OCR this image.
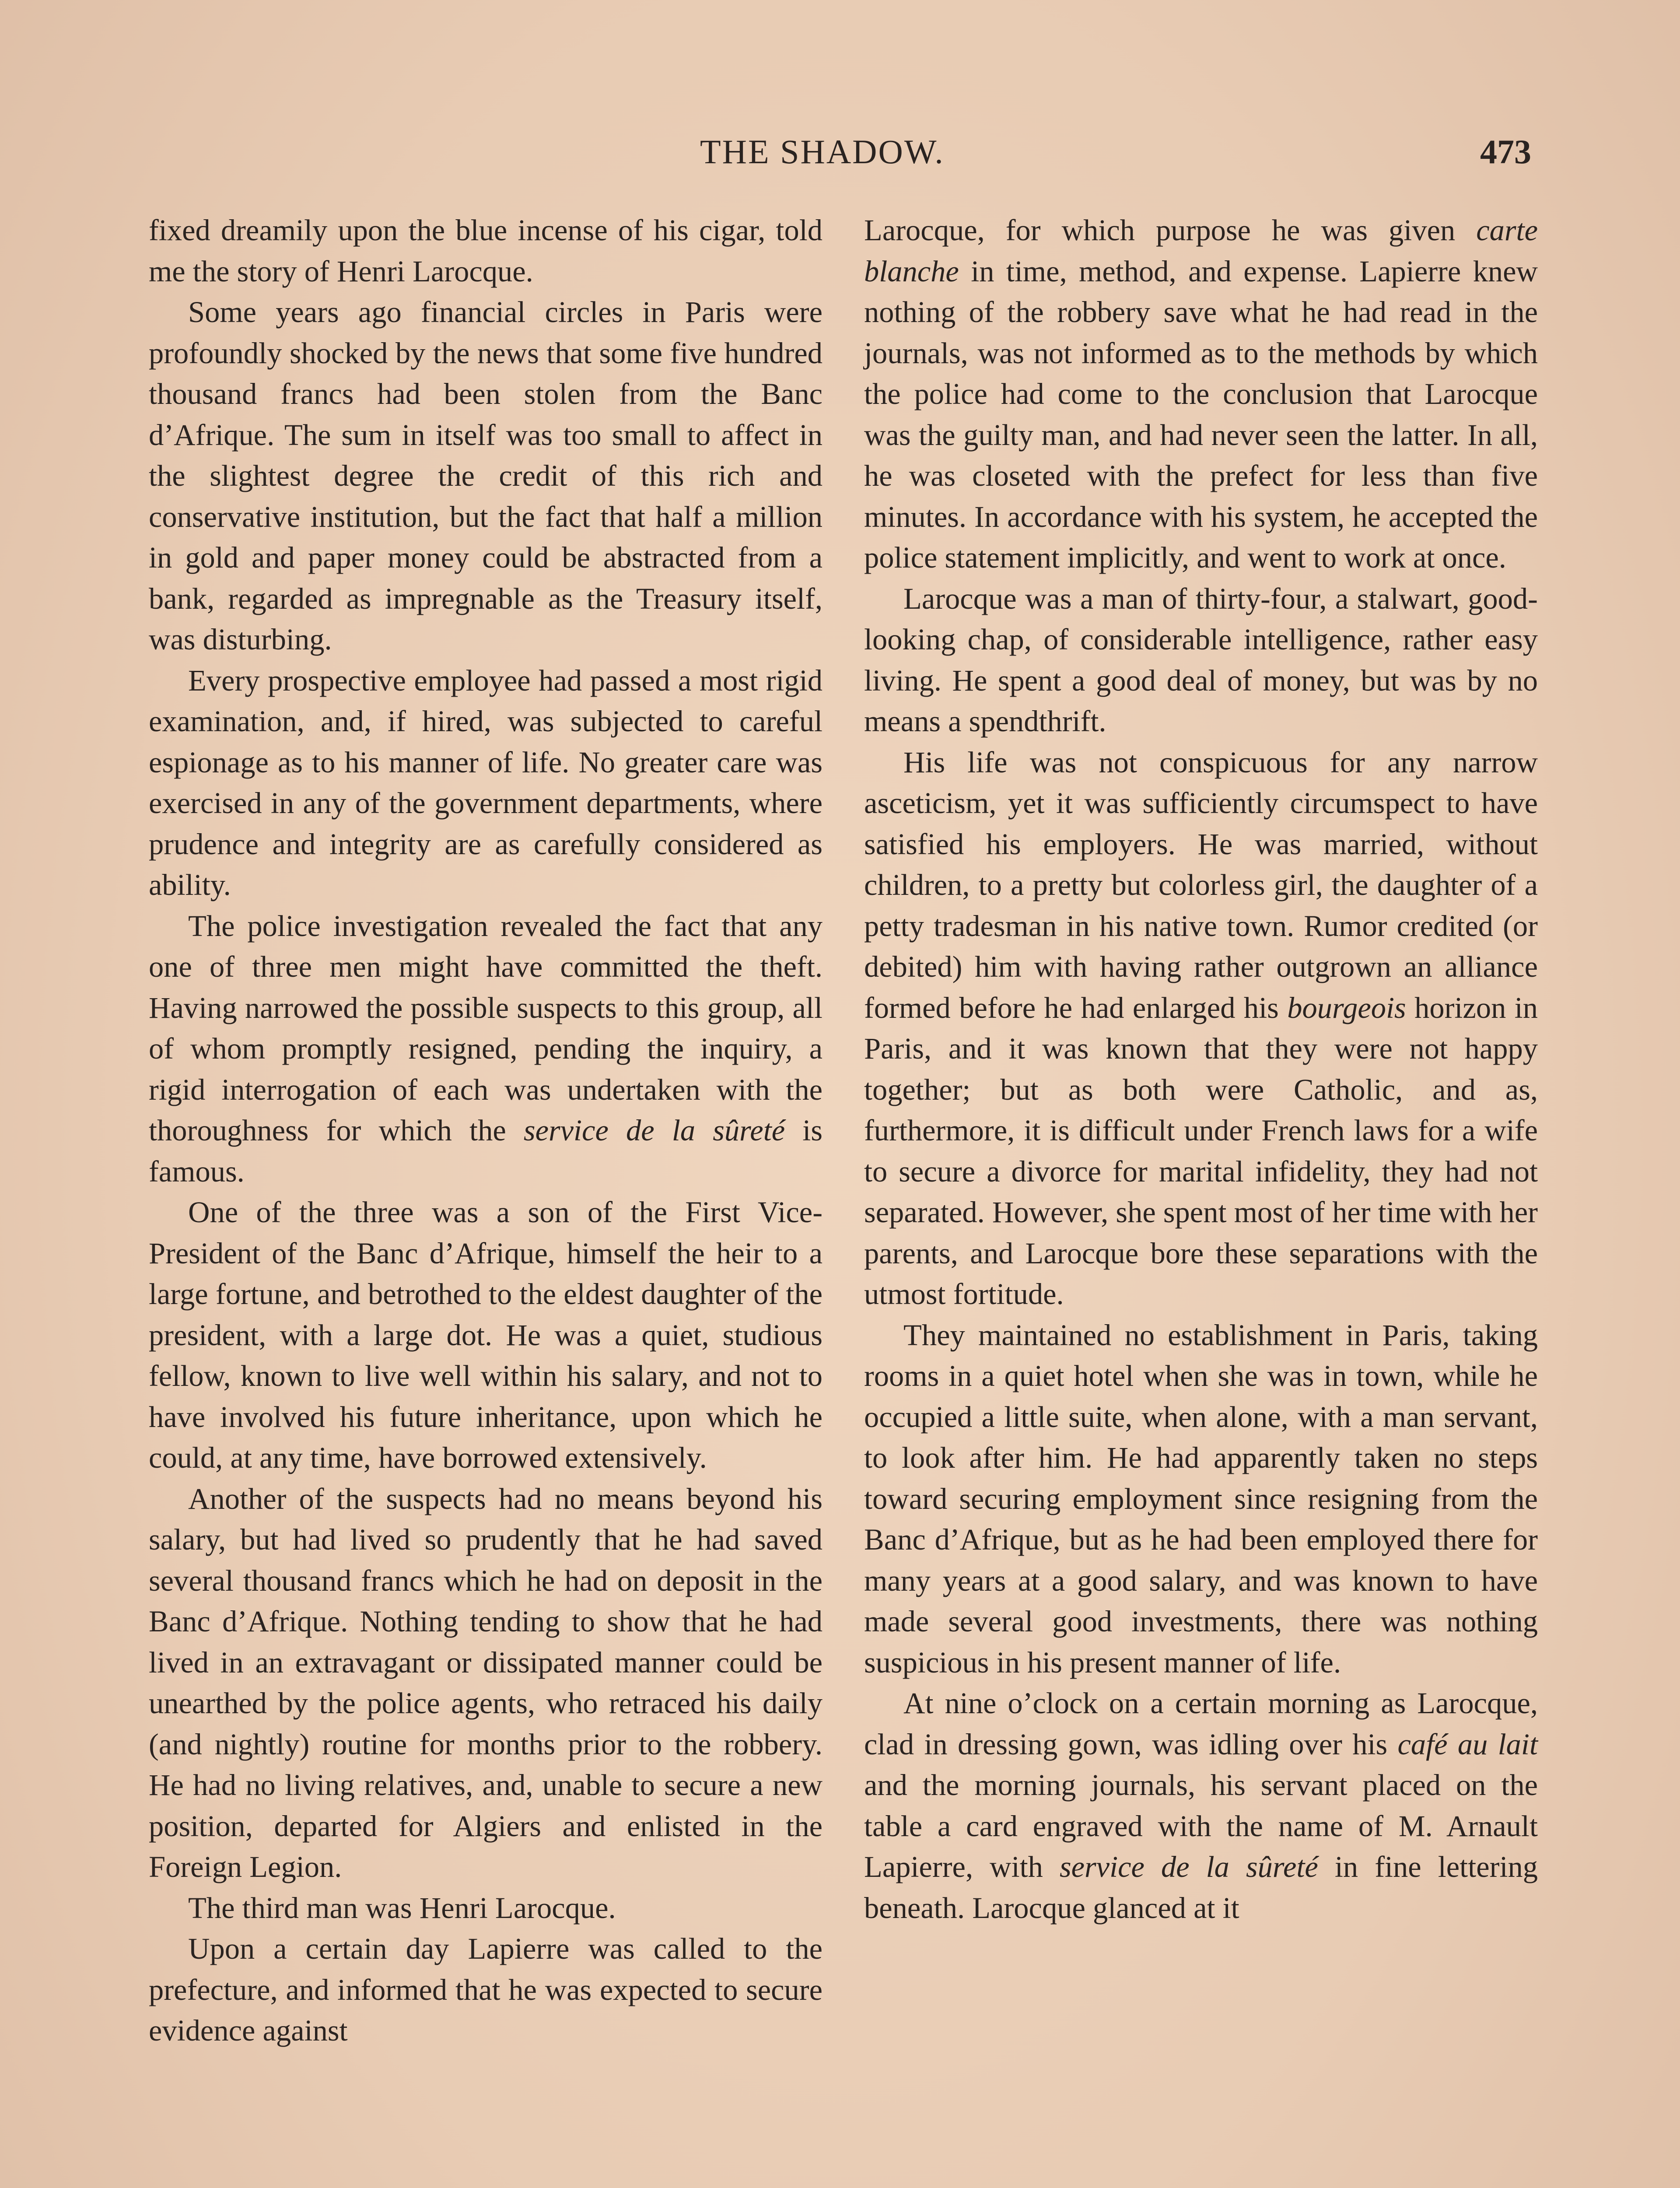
THE SHADOW.	473

fixed dreamily upon the blue incense of his cigar, told me the story of Henri Larocque.

Some years ago financial circles in Paris were profoundly shocked by the news that some five hundred thousand francs had been stolen from the Banc d’Afrique. The sum in itself was too small to affect in the slightest degree the credit of this rich and conservative institution, but the fact that half a million in gold and paper money could be abstracted from a bank, regarded as impregnable as the Treasury itself, was disturbing.

Every prospective employee had passed a most rigid examination, and, if hired, was subjected to careful espionage as to his manner of life. No greater care was exercised in any of the government departments, where prudence and integrity are as carefully considered as ability.

The police investigation revealed the fact that any one of three men might have committed the theft. Having narrowed the possible suspects to this group, all of whom promptly resigned, pending the inquiry, a rigid interrogation of each was undertaken with the thoroughness for which the service de la sûreté is famous.

One of the three was a son of the First Vice-President of the Banc d’Afrique, himself the heir to a large fortune, and betrothed to the eldest daughter of the president, with a large dot. He was a quiet, studious fellow, known to live well within his salary, and not to have involved his future inheritance, upon which he could, at any time, have borrowed extensively.

Another of the suspects had no means beyond his salary, but had lived so prudently that he had saved several thousand francs which he had on deposit in the Banc d’Afrique. Nothing tending to show that he had lived in an extravagant or dissipated manner could be unearthed by the police agents, who retraced his daily (and nightly) routine for months prior to the robbery. He had no living relatives, and, unable to secure a new position, departed for Algiers and enlisted in the Foreign Legion.

The third man was Henri Larocque.

Upon a certain day Lapierre was called to the prefecture, and informed that he was expected to secure evidence against

Larocque, for which purpose he was given carte blanche in time, method, and expense. Lapierre knew nothing of the robbery save what he had read in the journals, was not informed as to the methods by which the police had come to the conclusion that Larocque was the guilty man, and had never seen the latter. In all, he was closeted with the prefect for less than five minutes. In accordance with his system, he accepted the police statement implicitly, and went to work at once.

Larocque was a man of thirty-four, a stalwart, good-looking chap, of considerable intelligence, rather easy living. He spent a good deal of money, but was by no means a spendthrift.

His life was not conspicuous for any narrow asceticism, yet it was sufficiently circumspect to have satisfied his employers. He was married, without children, to a pretty but colorless girl, the daughter of a petty tradesman in his native town. Rumor credited (or debited) him with having rather outgrown an alliance formed before he had enlarged his bourgeois horizon in Paris, and it was known that they were not happy together; but as both were Catholic, and as, furthermore, it is difficult under French laws for a wife to secure a divorce for marital infidelity, they had not separated. However, she spent most of her time with her parents, and Larocque bore these separations with the utmost fortitude.

They maintained no establishment in Paris, taking rooms in a quiet hotel when she was in town, while he occupied a little suite, when alone, with a man servant, to look after him. He had apparently taken no steps toward securing employment since resigning from the Banc d’Afrique, but as he had been employed there for many years at a good salary, and was known to have made several good investments, there was nothing suspicious in his present manner of life.

At nine o’clock on a certain morning as Larocque, clad in dressing gown, was idling over his café au lait and the morning journals, his servant placed on the table a card engraved with the name of M. Arnault Lapierre, with service de la sûreté in fine lettering beneath. Larocque glanced at it
